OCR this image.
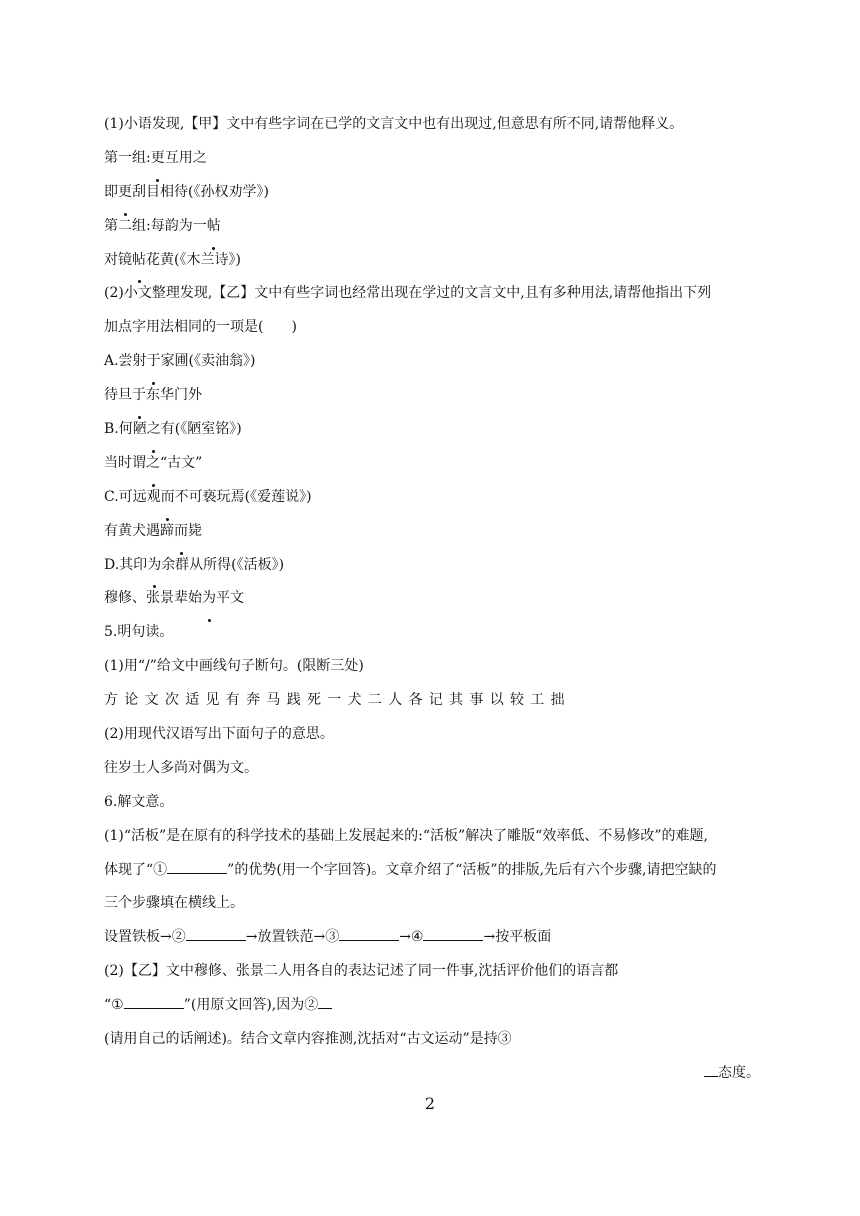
(1)小语发现,【甲】文中有些字词在已学的文言文中也有出现过,但意思有所不同,请帮他释义。
第一组:更互用之
即更刮目相待(《孙权劝学》)
第二组:每韵为一帖
对镜帖花黄(《木兰诗》)
(2)小文整理发现,【乙】文中有些字词也经常出现在学过的文言文中,且有多种用法,请帮他指出下列
加点字用法相同的一项是(　　)
A.尝射于家圃(《卖油翁》)
待旦于东华门外
B.何陋之有(《陋室铭》)
当时谓之“古文”
C.可远观而不可亵玩焉(《爱莲说》)
有黄犬遇蹄而毙
D.其印为余群从所得(《活板》)
穆修、张景辈始为平文
5.明句读。
(1)用“/”给文中画线句子断句。(限断三处)
方论文次适见有奔马践死一犬二人各记其事以较工拙
(2)用现代汉语写出下面句子的意思。
往岁士人多尚对偶为文。
6.解文意。
(1)“活板”是在原有的科学技术的基础上发展起来的:“活板”解决了雕版“效率低、不易修改”的难题,
体现了“①	”的优势(用一个字回答)。文章介绍了“活板”的排版,先后有六个步骤,请把空缺的
三个步骤填在横线上。
设置铁板→②	→放置铁范→③	→④	→按平板面
(2)【乙】文中穆修、张景二人用各自的表达记述了同一件事,沈括评价他们的语言都
“①	”(用原文回答),因为②
(请用自己的话阐述)。结合文章内容推测,沈括对“古文运动”是持③
态度。
2
